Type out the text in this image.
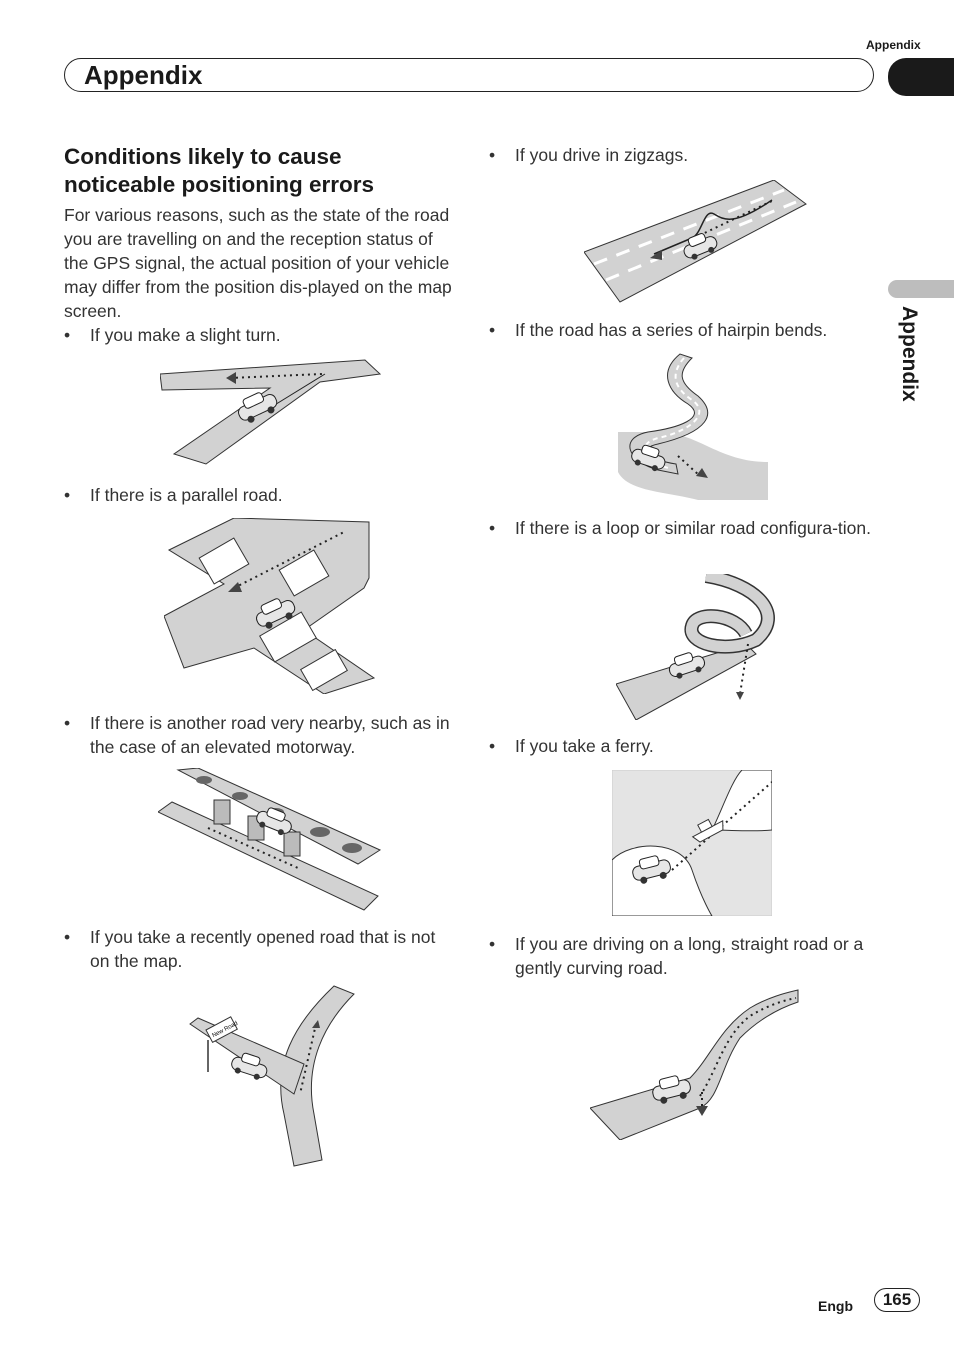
Appendix
Appendix
Appendix
Conditions likely to cause noticeable positioning errors
For various reasons, such as the state of the road you are travelling on and the reception status of the GPS signal, the actual position of your vehicle may differ from the position dis-played on the map screen.
•	If you make a slight turn.
•	If there is a parallel road.
•	If there is another road very nearby, such as in the case of an elevated motorway.
•	If you take a recently opened road that is not on the map.
New Road
•	If you drive in zigzags.
•	If the road has a series of hairpin bends.
•	If there is a loop or similar road configura-tion.
•	If you take a ferry.
•	If you are driving on a long, straight road or a gently curving road.
Engb	165
